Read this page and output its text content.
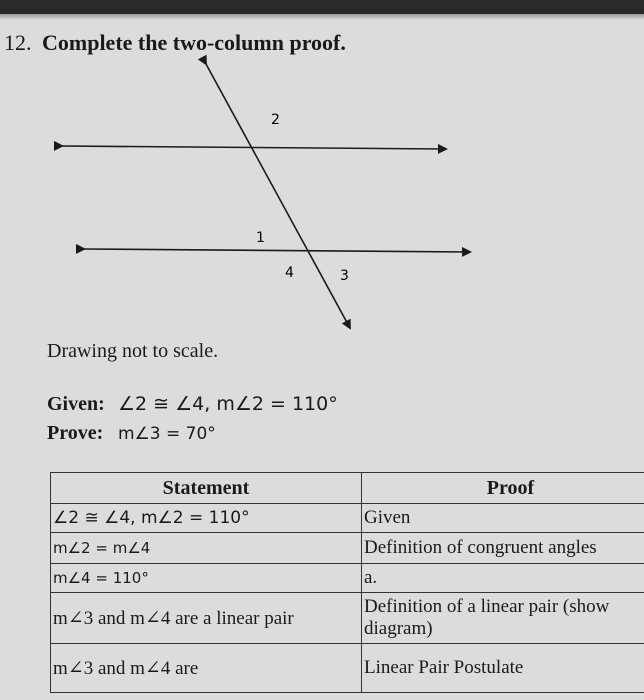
12. Complete the two-column proof.
2
1
4	3
Drawing not to scale.
Given: ∠2 ≅ ∠4, m∠2 = 110°
Prove: m∠3 = 70°
Statement	Proof
∠2 ≅ ∠4, m∠2 = 110°	Given
m∠2 = m∠4	Definition of congruent angles
m∠4 = 110°	a.
m∠3 and m∠4 are a linear pair	Definition of a linear pair (show diagram)
m∠3 and m∠4 are	Linear Pair Postulate
